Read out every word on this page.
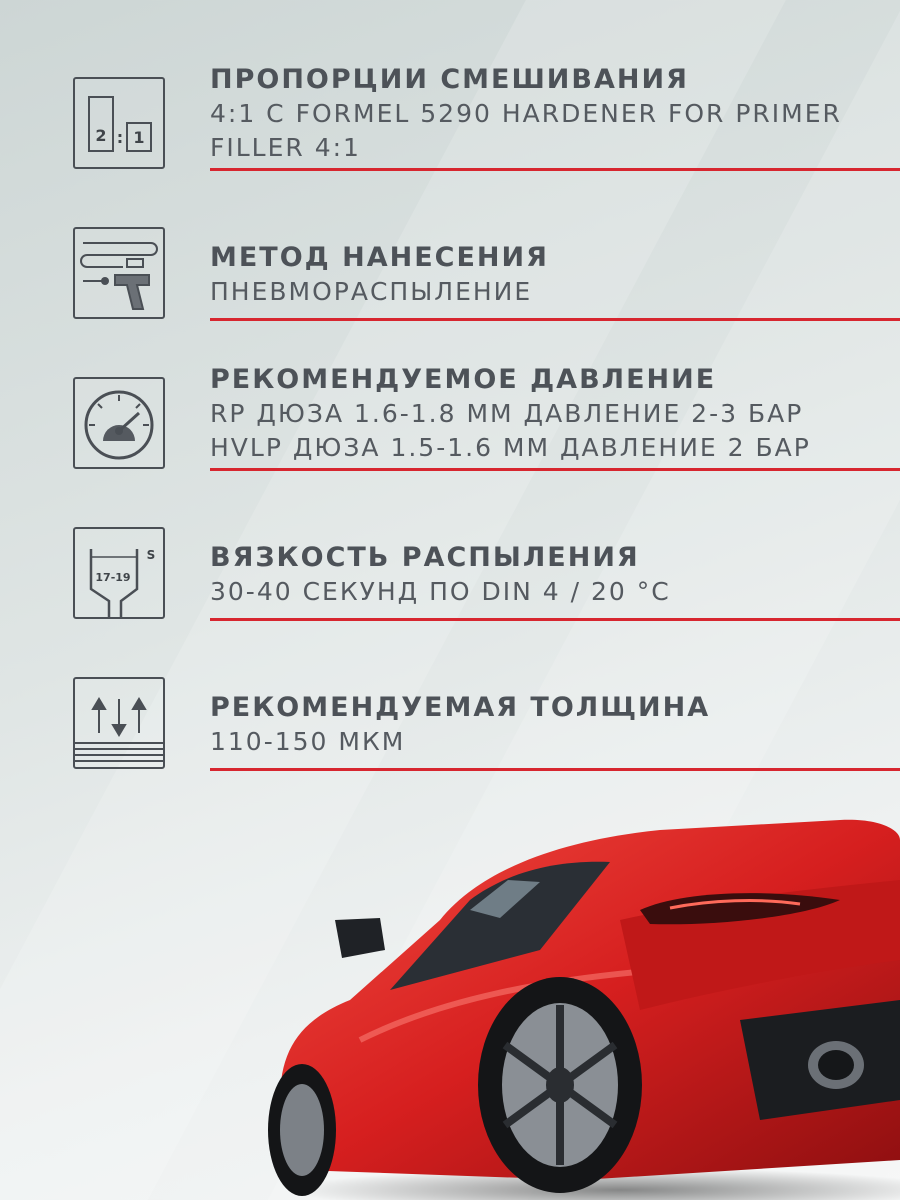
2 : 1
ПРОПОРЦИИ СМЕШИВАНИЯ
4:1 С FORMEL 5290 HARDENER FOR PRIMER
FILLER 4:1
МЕТОД НАНЕСЕНИЯ
ПНЕВМОРАСПЫЛЕНИЕ
РЕКОМЕНДУЕМОЕ ДАВЛЕНИЕ
RP ДЮЗА 1.6-1.8 ММ ДАВЛЕНИЕ 2-3 БАР
HVLP ДЮЗА 1.5-1.6 ММ ДАВЛЕНИЕ 2 БАР
17-19
S ВЯЗКОСТЬ РАСПЫЛЕНИЯ
30-40 СЕКУНД ПО DIN 4 / 20 °C
РЕКОМЕНДУЕМАЯ ТОЛЩИНА
110-150 МКМ
